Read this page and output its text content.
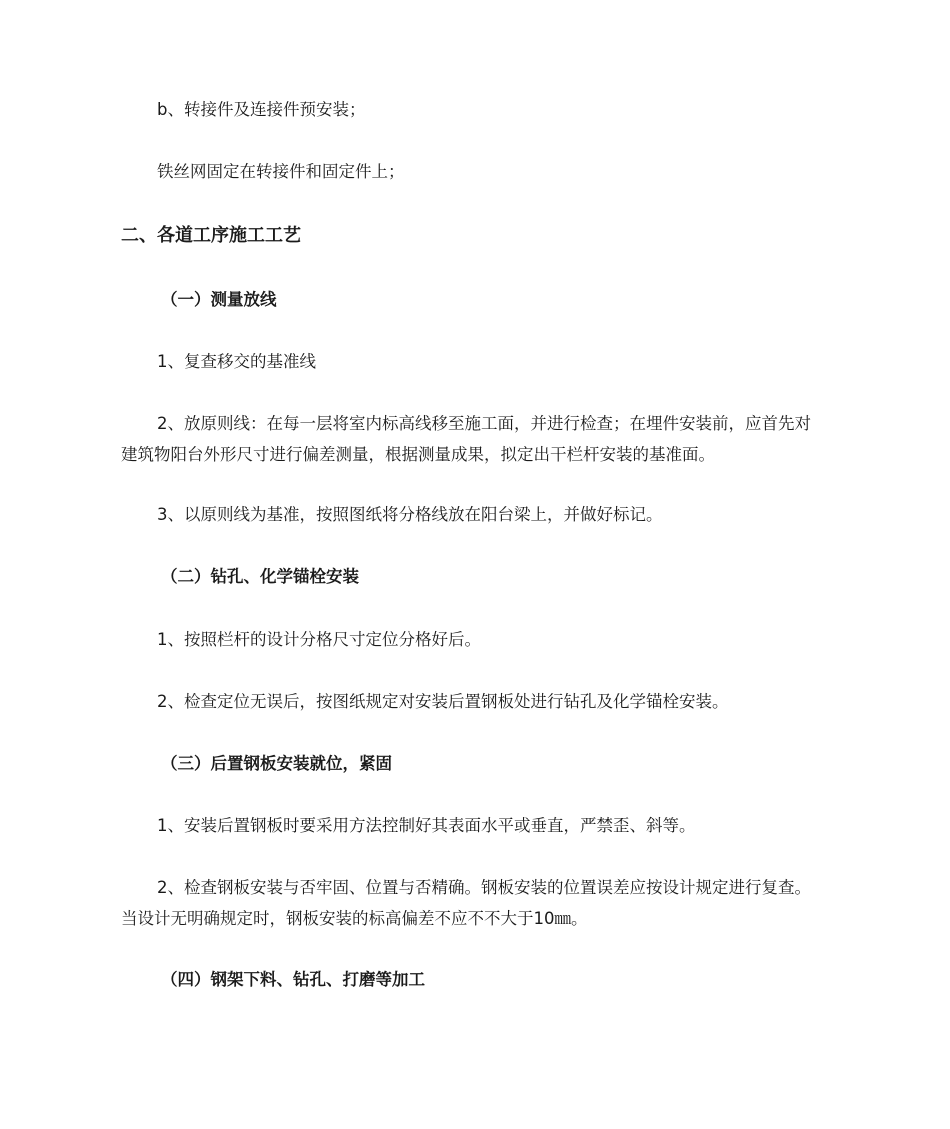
b、转接件及连接件预安装；

铁丝网固定在转接件和固定件上；

二、各道工序施工工艺

（一）测量放线

1、复查移交的基准线

2、放原则线：在每一层将室内标高线移至施工面，并进行检查；在埋件安装前，应首先对建筑物阳台外形尺寸进行偏差测量，根据测量成果，拟定出干栏杆安装的基准面。

3、以原则线为基准，按照图纸将分格线放在阳台梁上，并做好标记。

（二）钻孔、化学锚栓安装

1、按照栏杆的设计分格尺寸定位分格好后。

2、检查定位无误后，按图纸规定对安装后置钢板处进行钻孔及化学锚栓安装。

（三）后置钢板安装就位，紧固

1、安装后置钢板时要采用方法控制好其表面水平或垂直，严禁歪、斜等。

2、检查钢板安装与否牢固、位置与否精确。钢板安装的位置误差应按设计规定进行复查。当设计无明确规定时，钢板安装的标高偏差不应不不大于10㎜。

（四）钢架下料、钻孔、打磨等加工
